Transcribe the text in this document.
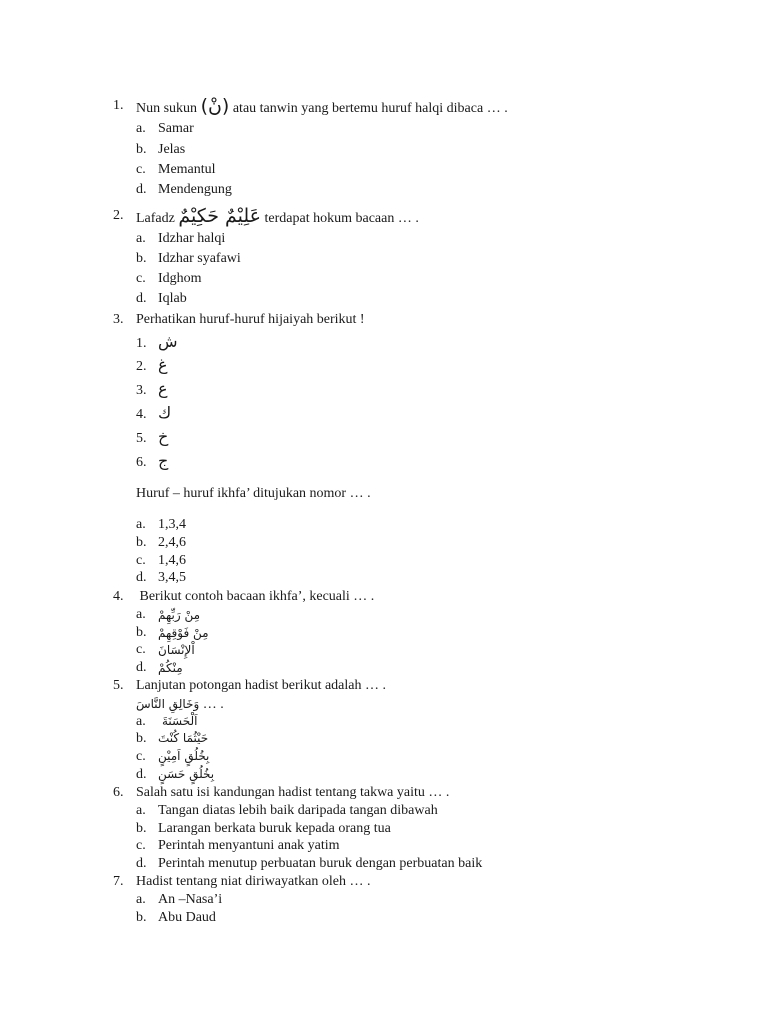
1. Nun sukun (نْ) atau tanwin yang bertemu huruf halqi dibaca … .
a. Samar
b. Jelas
c. Memantul
d. Mendengung
2. Lafadz عَلِيْمٌ حَكِيْمٌ terdapat hokum bacaan … .
a. Idzhar halqi
b. Idzhar syafawi
c. Idghom
d. Iqlab
3. Perhatikan huruf-huruf hijaiyah berikut !
1. ش
2. غ
3. ع
4. ك
5. خ
6. ج
Huruf – huruf ikhfa’ ditujukan nomor … .
a. 1,3,4
b. 2,4,6
c. 1,4,6
d. 3,4,5
4. Berikut contoh bacaan ikhfa’, kecuali … .
a. مِنْ رَبِّهِمْ
b. مِنْ فَوْقِهِمْ
c. اْلإِنْسَانَ
d. مِنْكُمْ
5. Lanjutan potongan hadist berikut adalah … .
وَخَالِقِ النَّاسَ … .
a. اَلْحَسَنَةَ
b. حَيْثُمَا كُنْتَ
c. بِخُلُقٍ اَمِيْنٍ
d. بِخُلُقٍ حَسَنٍ
6. Salah satu isi kandungan hadist tentang takwa yaitu … .
a. Tangan diatas lebih baik daripada tangan dibawah
b. Larangan berkata buruk kepada orang tua
c. Perintah menyantuni anak yatim
d. Perintah menutup perbuatan buruk dengan perbuatan baik
7. Hadist tentang niat diriwayatkan oleh … .
a. An –Nasa’i
b. Abu Daud
